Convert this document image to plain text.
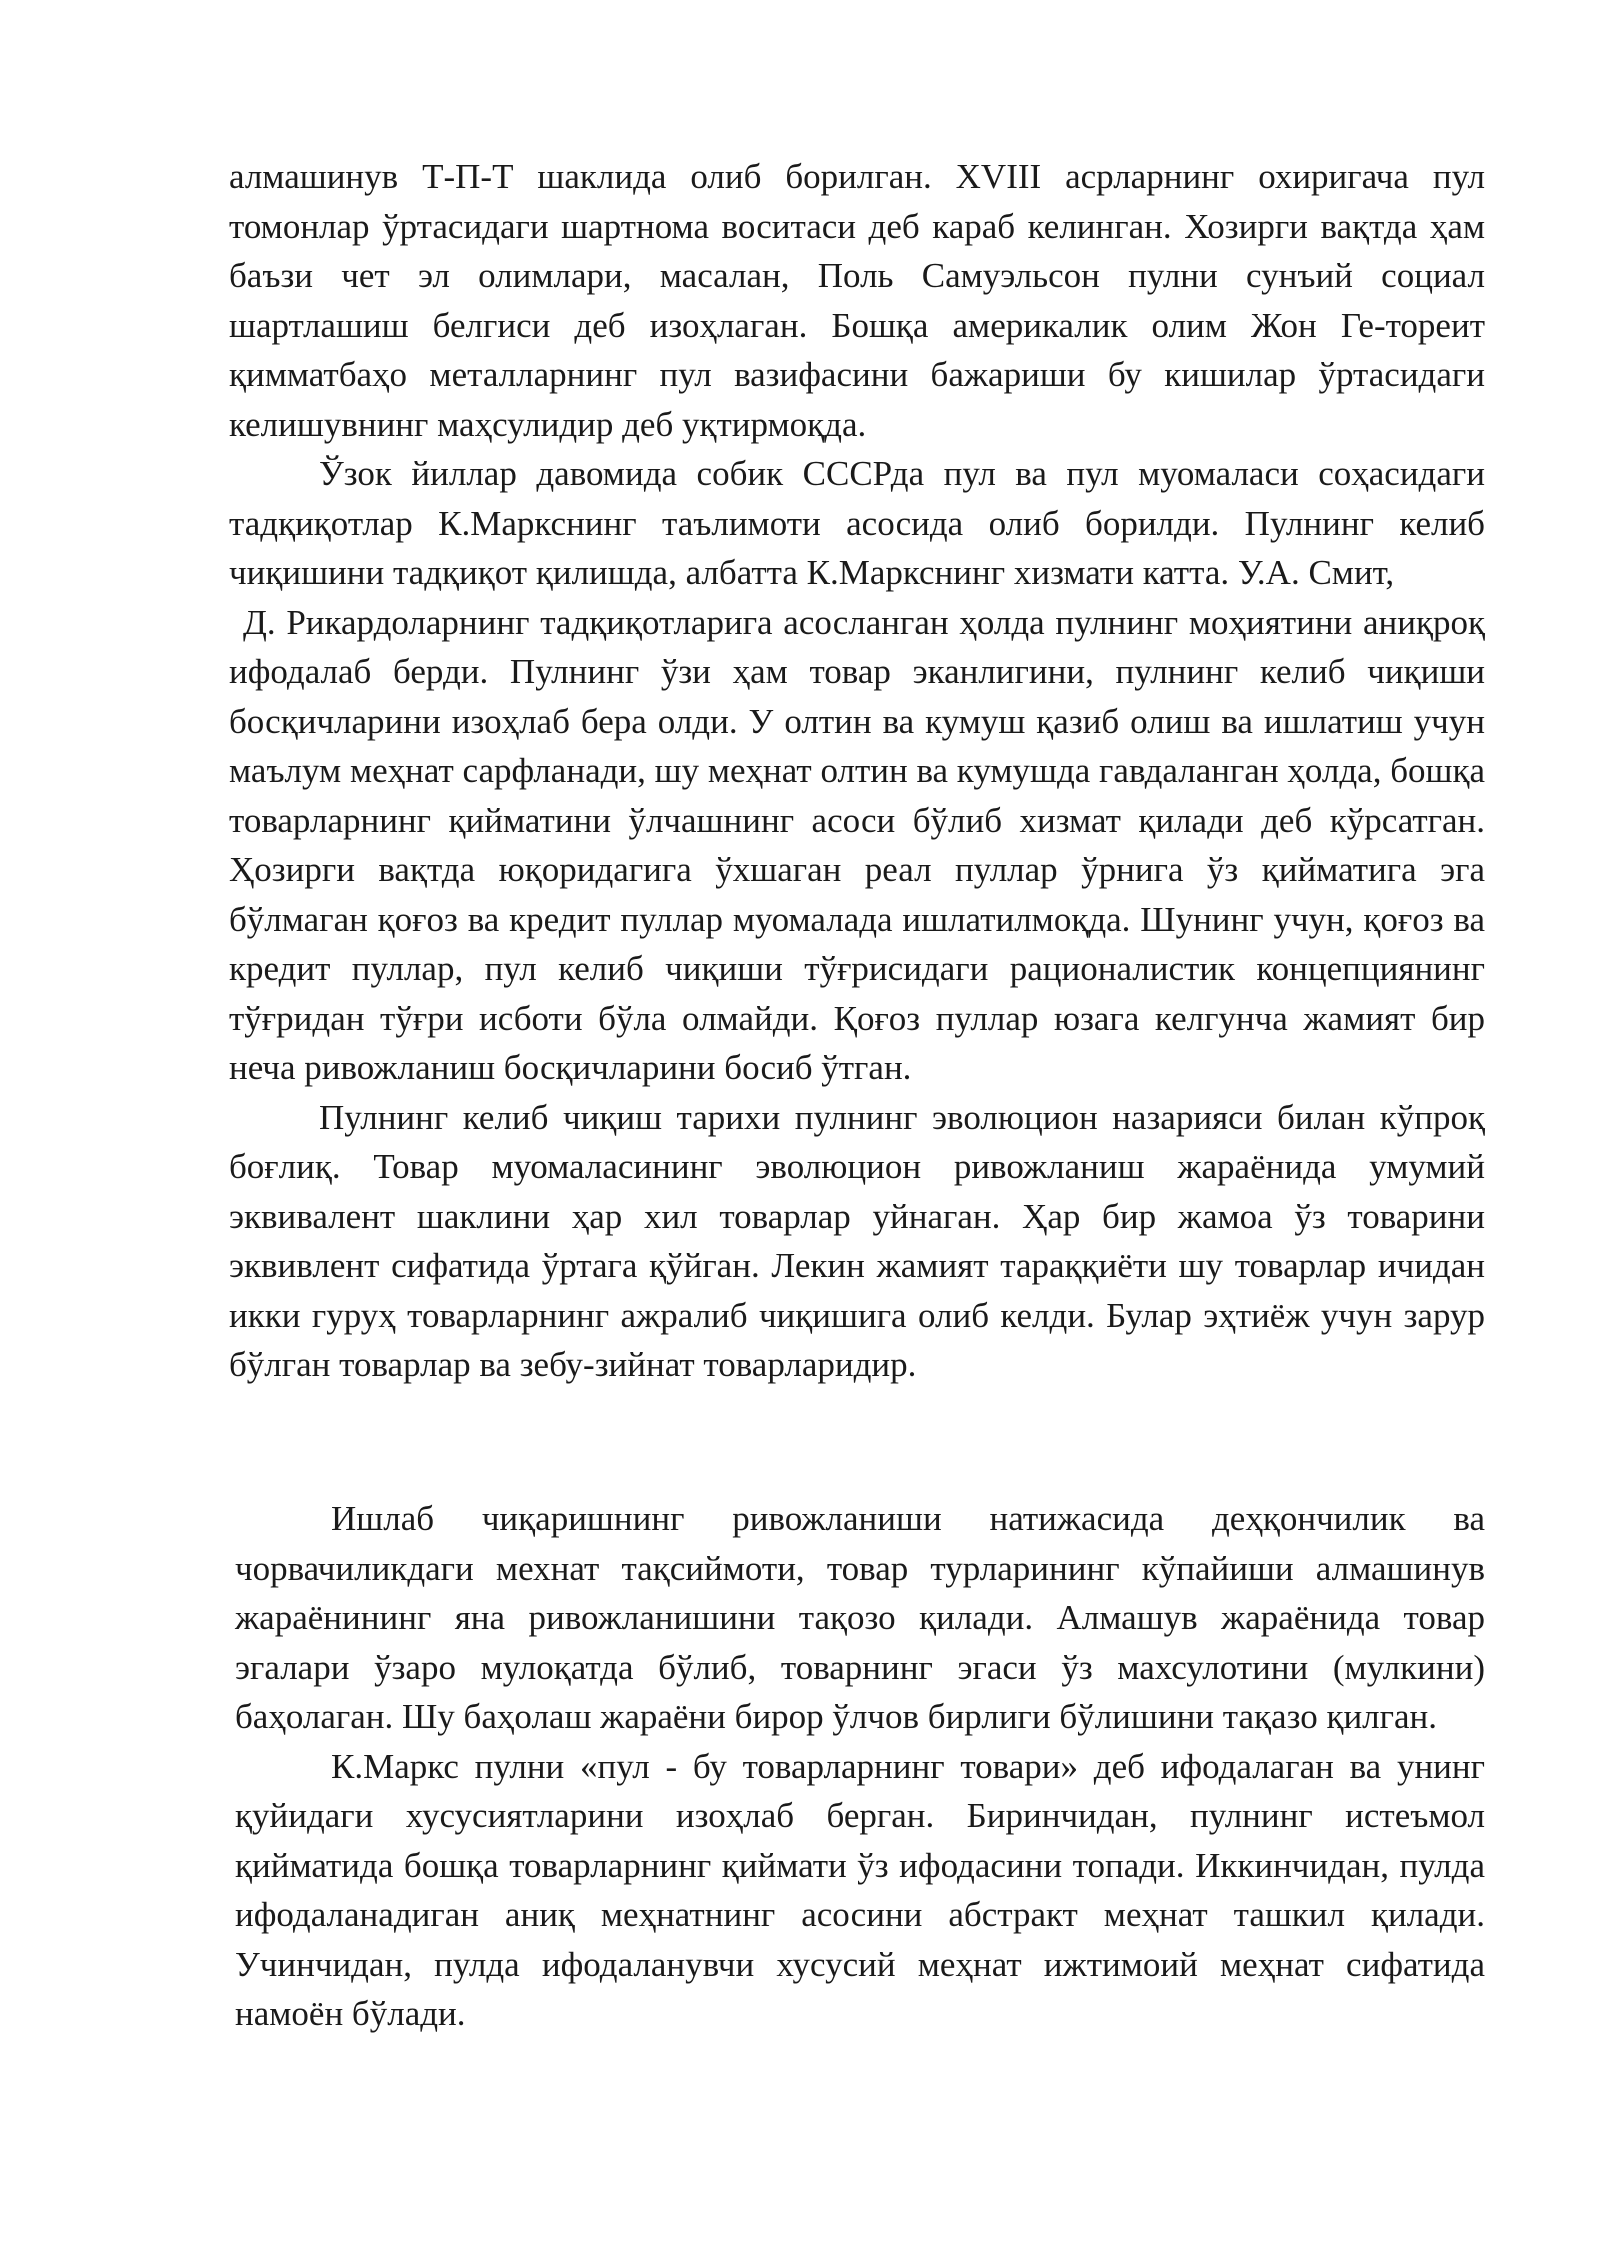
алмашинув Т-П-Т шаклида олиб борилган. XVIII асрларнинг охиригача пул томонлар ўртасидаги шартнома воситаси деб караб келинган. Хозирги вақтда ҳам баъзи чет эл олимлари, масалан, Поль Самуэльсон пулни сунъий социал шартлашиш белгиси деб изоҳлаган. Бошқа америкалик олим Жон Ге-тореит қимматбаҳо металларнинг пул вазифасини бажариши бу кишилар ўртасидаги келишувнинг маҳсулидир деб уқтирмоқда.

Ўзок йиллар давомида собик СССРда пул ва пул муомаласи соҳасидаги тадқиқотлар К.Маркснинг таълимоти асосида олиб борилди. Пулнинг келиб чиқишини тадқиқот қилишда, албатта К.Маркснинг хизмати катта. У.А. Смит,

Д. Рикардоларнинг тадқиқотларига асосланган ҳолда пулнинг моҳиятини аниқроқ ифодалаб берди. Пулнинг ўзи ҳам товар эканлигини, пулнинг келиб чиқиши босқичларини изоҳлаб бера олди. У олтин ва кумуш қазиб олиш ва ишлатиш учун маълум меҳнат сарфланади, шу меҳнат олтин ва кумушда гавдаланган ҳолда, бошқа товарларнинг қийматини ўлчашнинг асоси бўлиб хизмат қилади деб кўрсатган. Ҳозирги вақтда юқоридагига ўхшаган реал пуллар ўрнига ўз қийматига эга бўлмаган қоғоз ва кредит пуллар муомалада ишлатилмоқда. Шунинг учун, қоғоз ва кредит пуллар, пул келиб чиқиши тўғрисидаги рационалистик концепциянинг тўғридан тўғри исботи бўла олмайди. Қоғоз пуллар юзага келгунча жамият бир неча ривожланиш босқичларини босиб ўтган.

Пулнинг келиб чиқиш тарихи пулнинг эволюцион назарияси билан кўпроқ боғлиқ. Товар муомаласининг эволюцион ривожланиш жараёнида умумий эквивалент шаклини ҳар хил товарлар уйнаган. Ҳар бир жамоа ўз товарини эквивлент сифатида ўртага қўйган. Лекин жамият тараққиёти шу товарлар ичидан икки гуруҳ товарларнинг ажралиб чиқишига олиб келди. Булар эҳтиёж учун зарур бўлган товарлар ва зебу-зийнат товарларидир.

Ишлаб чиқаришнинг ривожланиши натижасида деҳқончилик ва чорвачиликдаги мехнат тақсиймоти, товар турларининг кўпайиши алмашинув жараёнининг яна ривожланишини тақозо қилади. Алмашув жараёнида товар эгалари ўзаро мулоқатда бўлиб, товарнинг эгаси ўз махсулотини (мулкини) баҳолаган. Шу баҳолаш жараёни бирор ўлчов бирлиги бўлишини тақазо қилган.

К.Маркс пулни «пул - бу товарларнинг товари» деб ифодалаган ва унинг қуйидаги хусусиятларини изоҳлаб берган. Биринчидан, пулнинг истеъмол қийматида бошқа товарларнинг қиймати ўз ифодасини топади. Иккинчидан, пулда ифодаланадиган аниқ меҳнатнинг асосини абстракт меҳнат ташкил қилади. Учинчидан, пулда ифодаланувчи хусусий меҳнат ижтимоий меҳнат сифатида намоён бўлади.
